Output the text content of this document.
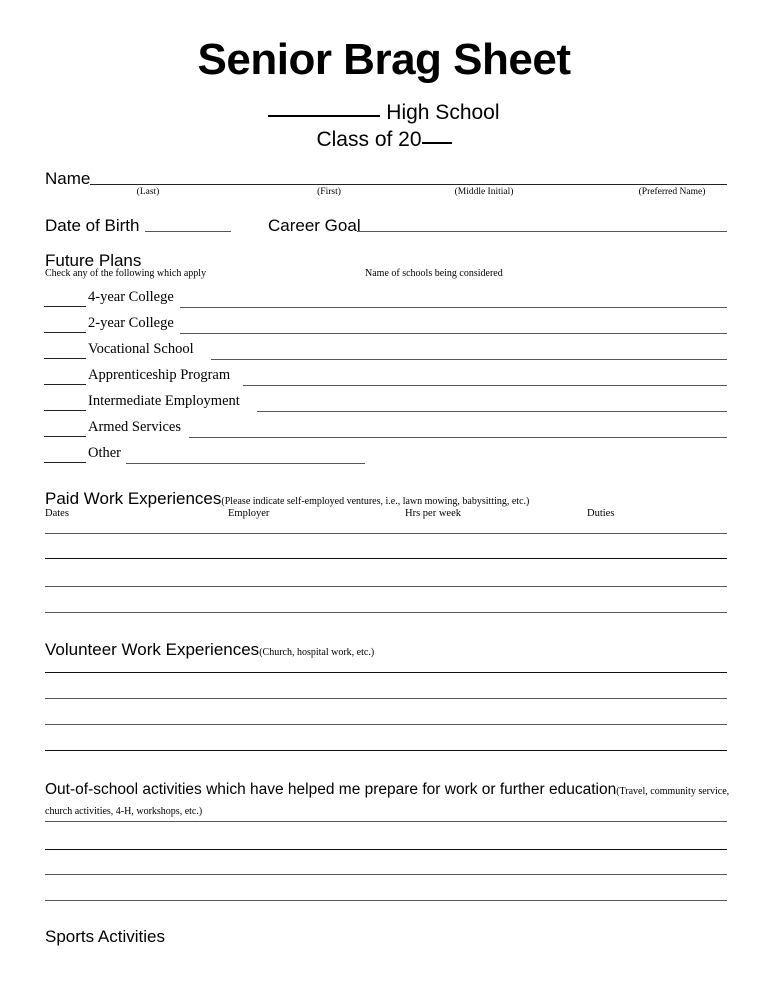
Senior Brag Sheet
High School
Class of 20
Name
(Last)	(First)	(Middle Initial)	(Preferred Name)
Date of Birth	Career Goal
Future Plans
Check any of the following which apply	Name of schools being considered
4-year College
2-year College
Vocational School
Apprenticeship Program
Intermediate Employment
Armed Services
Other
Paid Work Experiences(Please indicate self-employed ventures, i.e., lawn mowing, babysitting, etc.)
Dates	Employer	Hrs per week	Duties
Volunteer Work Experiences(Church, hospital work, etc.)
Out-of-school activities which have helped me prepare for work or further education(Travel, community service, church activities, 4-H, workshops, etc.)
Sports Activities
